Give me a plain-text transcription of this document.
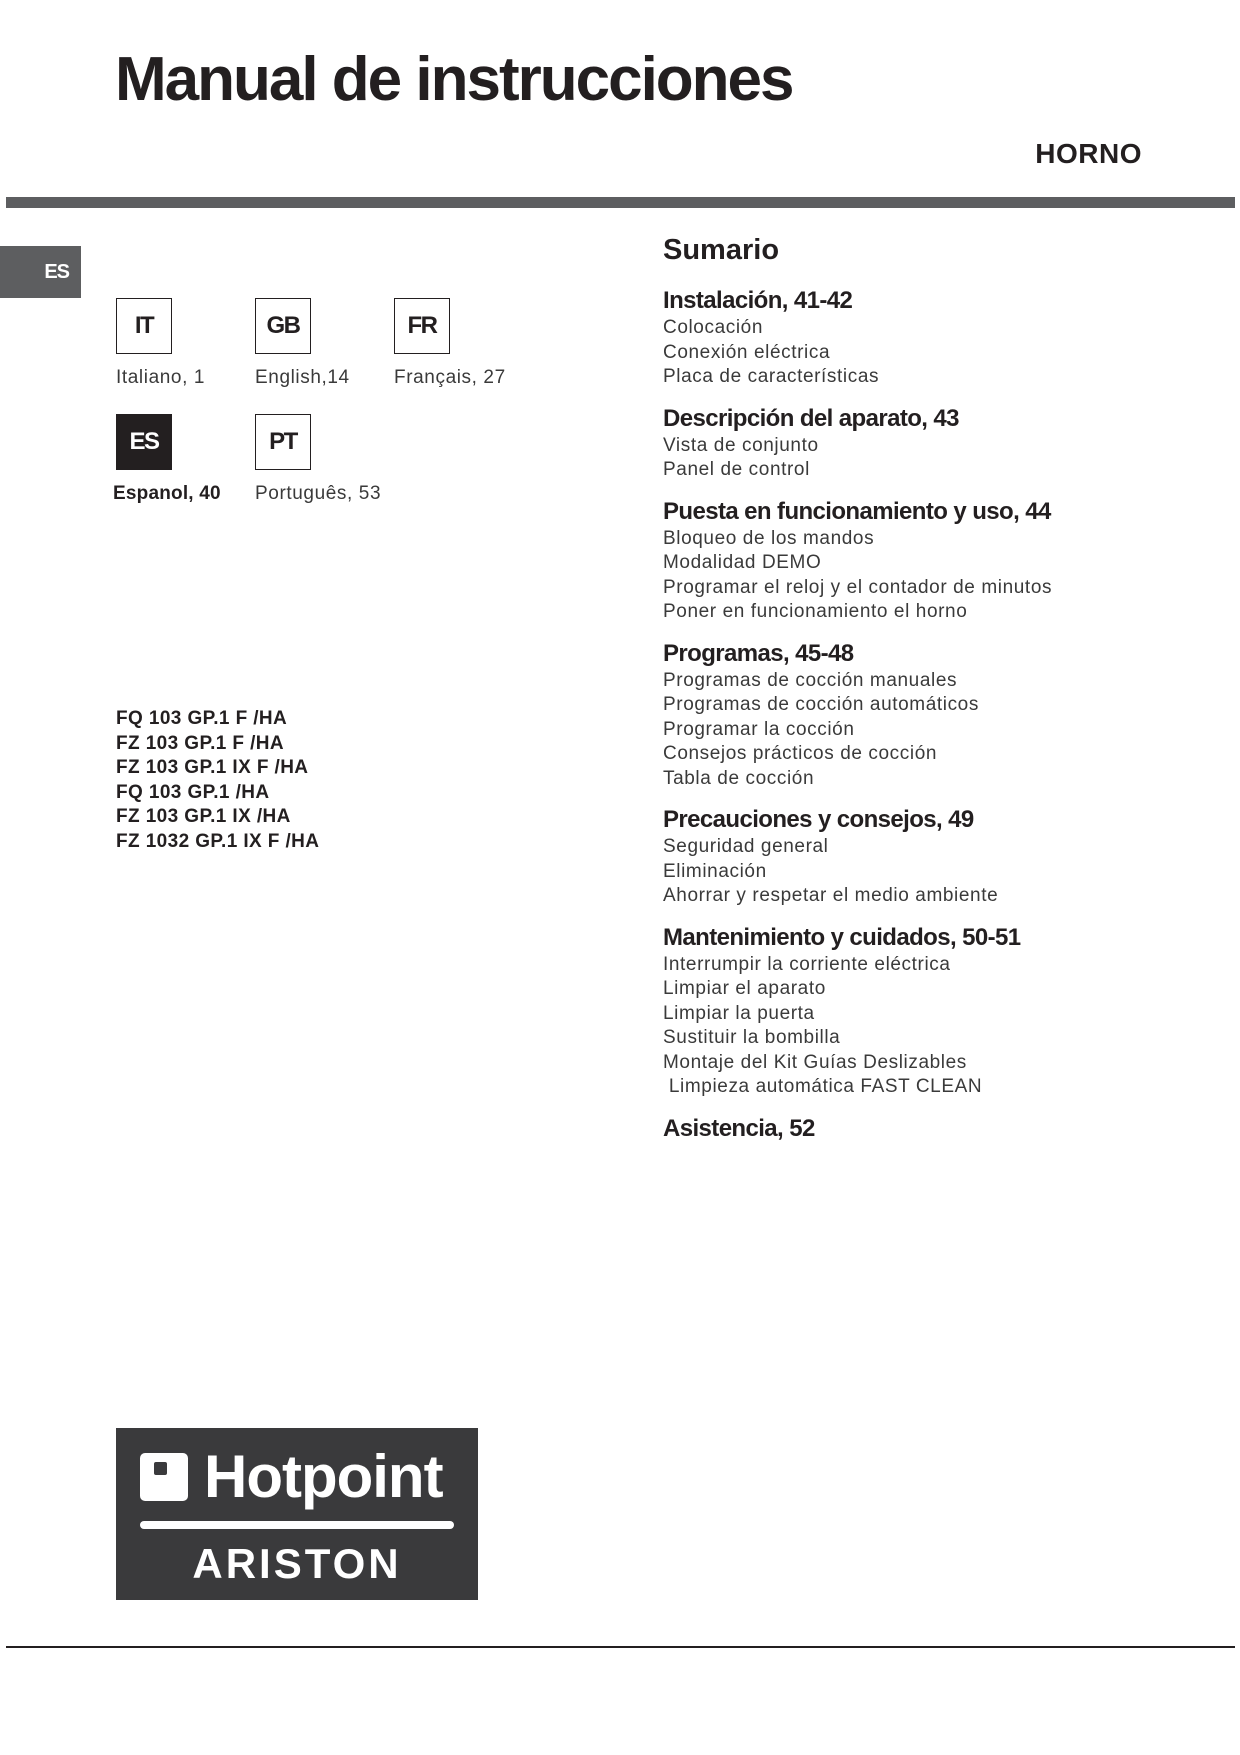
Manual de instrucciones
HORNO
ES
IT
Italiano, 1
GB
English,14
FR
Français, 27
ES
Espanol, 40
PT
Português, 53
FQ 103 GP.1 F /HA
FZ 103 GP.1 F /HA
FZ 103 GP.1 IX F /HA
FQ 103 GP.1 /HA
FZ 103 GP.1 IX /HA
FZ 1032 GP.1 IX F /HA
Sumario
Instalación, 41-42
Colocación
Conexión eléctrica
Placa de características
Descripción del aparato, 43
Vista de conjunto
Panel de control
Puesta en funcionamiento y uso, 44
Bloqueo de los mandos
Modalidad DEMO
Programar el reloj y el contador de minutos
Poner en funcionamiento el horno
Programas, 45-48
Programas de cocción manuales
Programas de cocción automáticos
Programar la cocción
Consejos prácticos de cocción
Tabla de cocción
Precauciones y consejos, 49
Seguridad general
Eliminación
Ahorrar y respetar el medio ambiente
Mantenimiento y cuidados, 50-51
Interrumpir la corriente eléctrica
Limpiar el aparato
Limpiar la puerta
Sustituir la bombilla
Montaje del Kit Guías Deslizables
Limpieza automática FAST CLEAN
Asistencia, 52
Hotpoint
ARISTON
